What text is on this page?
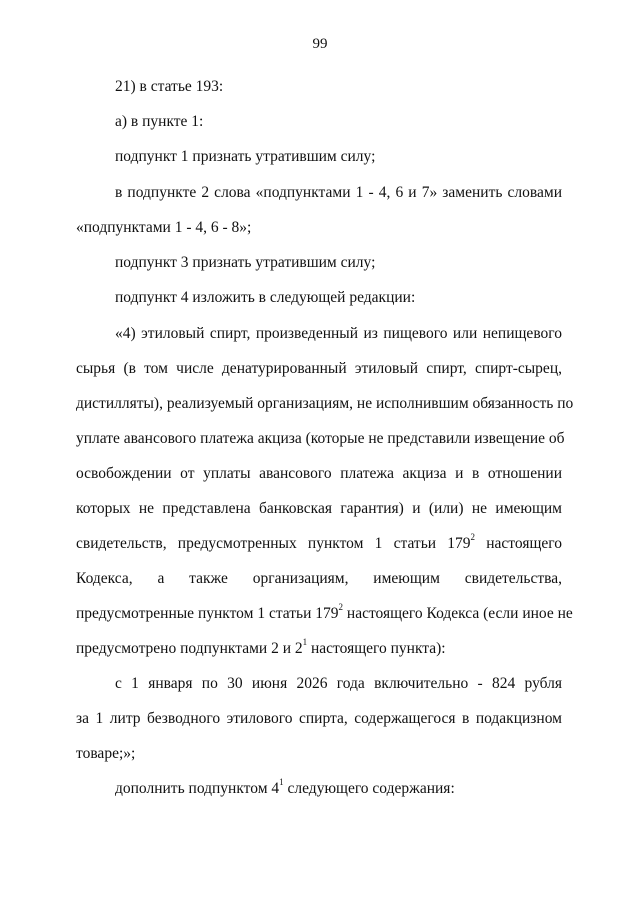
99
21) в статье 193:
а) в пункте 1:
подпункт 1 признать утратившим силу;
в подпункте 2 слова «подпунктами 1 - 4, 6 и 7» заменить словами
«подпунктами 1 - 4, 6 - 8»;
подпункт 3 признать утратившим силу;
подпункт 4 изложить в следующей редакции:
«4) этиловый спирт, произведенный из пищевого или непищевого
сырья (в том числе денатурированный этиловый спирт, спирт-сырец,
дистилляты), реализуемый организациям, не исполнившим обязанность по
уплате авансового платежа акциза (которые не представили извещение об
освобождении от уплаты авансового платежа акциза и в отношении
которых не представлена банковская гарантия) и (или) не имеющим
свидетельств, предусмотренных пунктом 1 статьи $179^2$ настоящего
Кодекса, а также организациям, имеющим свидетельства,
предусмотренные пунктом 1 статьи $179^2$ настоящего Кодекса (если иное не
предусмотрено подпунктами 2 и $2^1$ настоящего пункта):
с 1 января по 30 июня 2026 года включительно - 824 рубля
за 1 литр безводного этилового спирта, содержащегося в подакцизном
товаре;»;
дополнить подпунктом $4^1$ следующего содержания:
